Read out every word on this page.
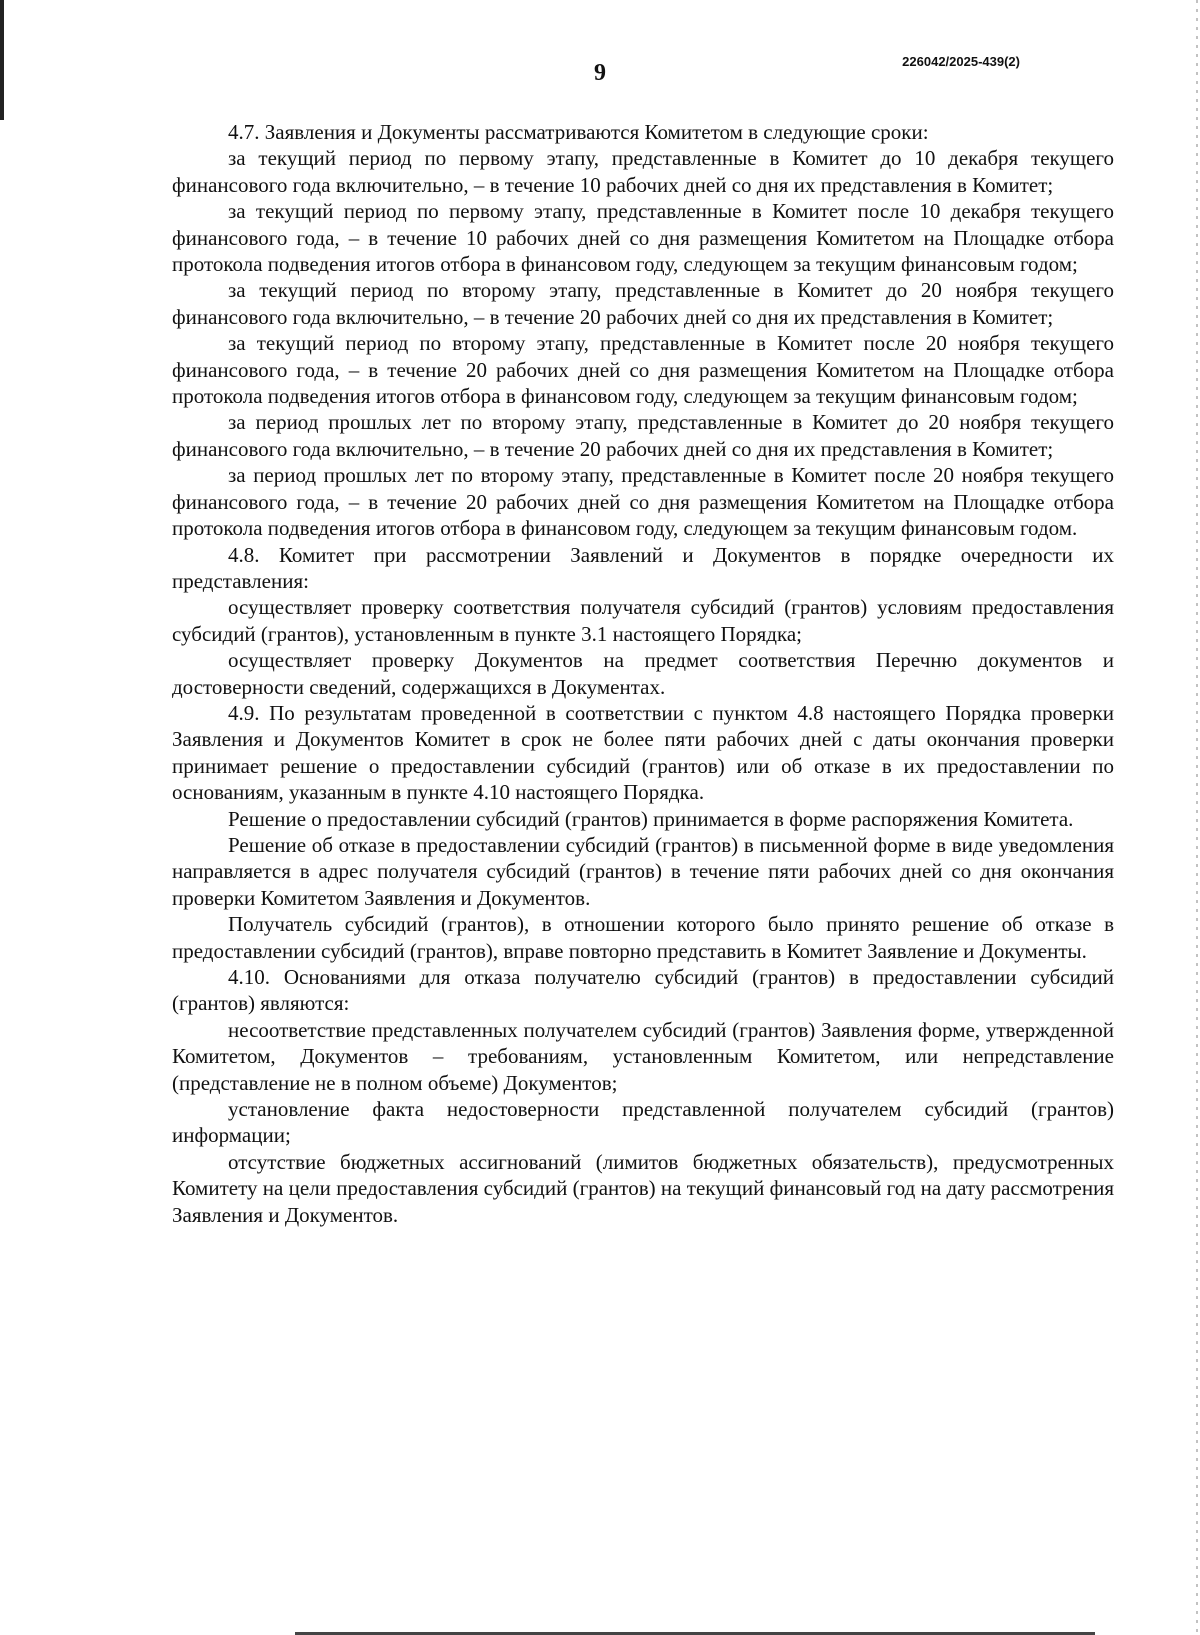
9	226042/2025-439(2)

4.7. Заявления и Документы рассматриваются Комитетом в следующие сроки:

за текущий период по первому этапу, представленные в Комитет до 10 декабря текущего финансового года включительно, – в течение 10 рабочих дней со дня их представления в Комитет;

за текущий период по первому этапу, представленные в Комитет после 10 декабря текущего финансового года, – в течение 10 рабочих дней со дня размещения Комитетом на Площадке отбора протокола подведения итогов отбора в финансовом году, следующем за текущим финансовым годом;

за текущий период по второму этапу, представленные в Комитет до 20 ноября текущего финансового года включительно, – в течение 20 рабочих дней со дня их представления в Комитет;

за текущий период по второму этапу, представленные в Комитет после 20 ноября текущего финансового года, – в течение 20 рабочих дней со дня размещения Комитетом на Площадке отбора протокола подведения итогов отбора в финансовом году, следующем за текущим финансовым годом;

за период прошлых лет по второму этапу, представленные в Комитет до 20 ноября текущего финансового года включительно, – в течение 20 рабочих дней со дня их представления в Комитет;

за период прошлых лет по второму этапу, представленные в Комитет после 20 ноября текущего финансового года, – в течение 20 рабочих дней со дня размещения Комитетом на Площадке отбора протокола подведения итогов отбора в финансовом году, следующем за текущим финансовым годом.

4.8. Комитет при рассмотрении Заявлений и Документов в порядке очередности их представления:

осуществляет проверку соответствия получателя субсидий (грантов) условиям предоставления субсидий (грантов), установленным в пункте 3.1 настоящего Порядка;

осуществляет проверку Документов на предмет соответствия Перечню документов и достоверности сведений, содержащихся в Документах.

4.9. По результатам проведенной в соответствии с пунктом 4.8 настоящего Порядка проверки Заявления и Документов Комитет в срок не более пяти рабочих дней с даты окончания проверки принимает решение о предоставлении субсидий (грантов) или об отказе в их предоставлении по основаниям, указанным в пункте 4.10 настоящего Порядка.

Решение о предоставлении субсидий (грантов) принимается в форме распоряжения Комитета.

Решение об отказе в предоставлении субсидий (грантов) в письменной форме в виде уведомления направляется в адрес получателя субсидий (грантов) в течение пяти рабочих дней со дня окончания проверки Комитетом Заявления и Документов.

Получатель субсидий (грантов), в отношении которого было принято решение об отказе в предоставлении субсидий (грантов), вправе повторно представить в Комитет Заявление и Документы.

4.10. Основаниями для отказа получателю субсидий (грантов) в предоставлении субсидий (грантов) являются:

несоответствие представленных получателем субсидий (грантов) Заявления форме, утвержденной Комитетом, Документов – требованиям, установленным Комитетом, или непредставление (представление не в полном объеме) Документов;

установление факта недостоверности представленной получателем субсидий (грантов) информации;

отсутствие бюджетных ассигнований (лимитов бюджетных обязательств), предусмотренных Комитету на цели предоставления субсидий (грантов) на текущий финансовый год на дату рассмотрения Заявления и Документов.
